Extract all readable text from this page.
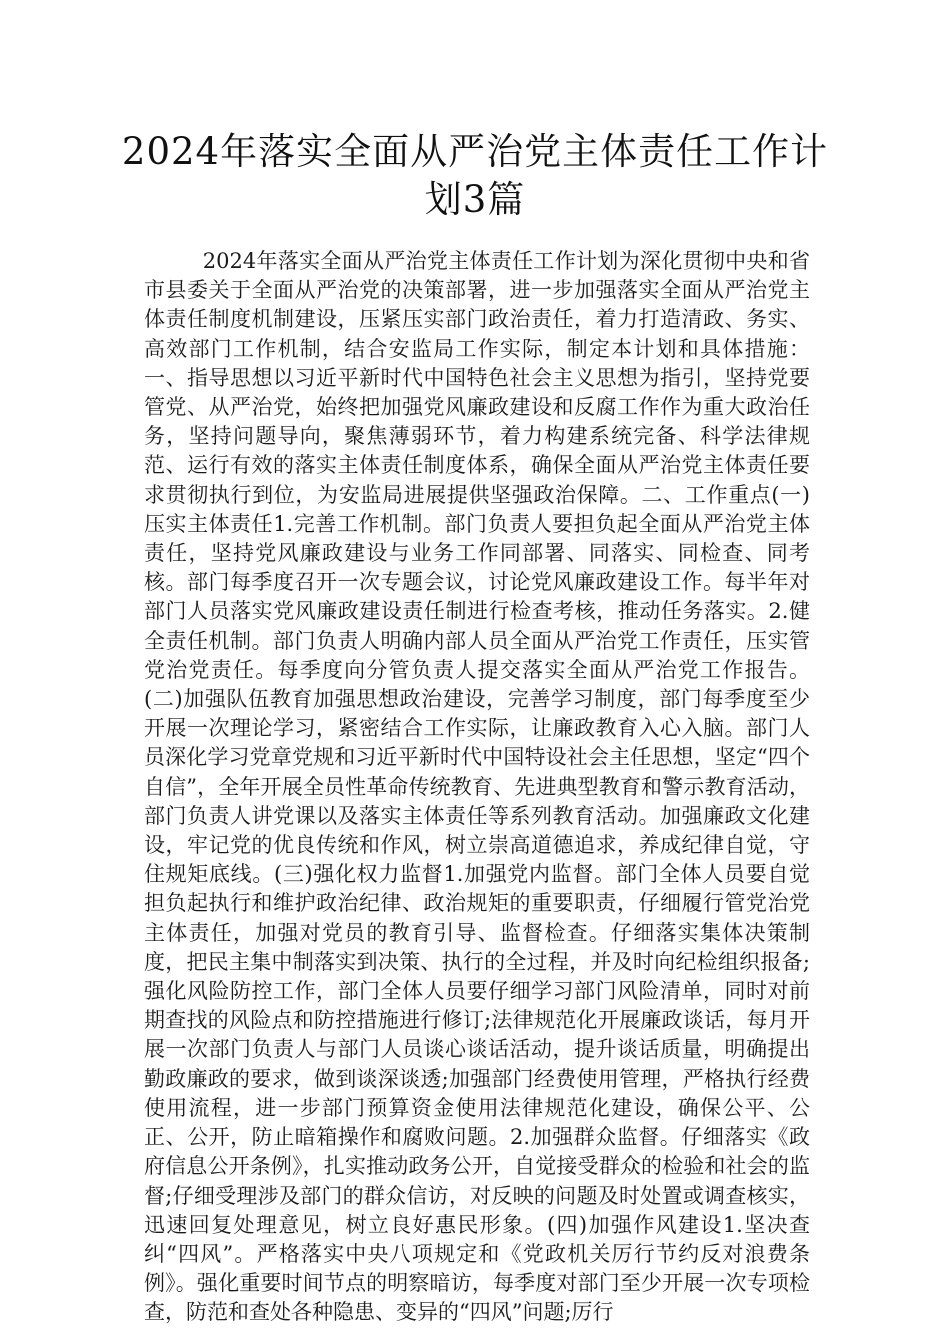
2024年落实全面从严治党主体责任工作计划3篇

2024年落实全面从严治党主体责任工作计划为深化贯彻中央和省市县委关于全面从严治党的决策部署，进一步加强落实全面从严治党主体责任制度机制建设，压紧压实部门政治责任，着力打造清政、务实、高效部门工作机制，结合安监局工作实际，制定本计划和具体措施：一、指导思想以习近平新时代中国特色社会主义思想为指引，坚持党要管党、从严治党，始终把加强党风廉政建设和反腐工作作为重大政治任务，坚持问题导向，聚焦薄弱环节，着力构建系统完备、科学法律规范、运行有效的落实主体责任制度体系，确保全面从严治党主体责任要求贯彻执行到位，为安监局进展提供坚强政治保障。二、工作重点(一)压实主体责任1.完善工作机制。部门负责人要担负起全面从严治党主体责任，坚持党风廉政建设与业务工作同部署、同落实、同检查、同考核。部门每季度召开一次专题会议，讨论党风廉政建设工作。每半年对部门人员落实党风廉政建设责任制进行检查考核，推动任务落实。2.健全责任机制。部门负责人明确内部人员全面从严治党工作责任，压实管党治党责任。每季度向分管负责人提交落实全面从严治党工作报告。(二)加强队伍教育加强思想政治建设，完善学习制度，部门每季度至少开展一次理论学习，紧密结合工作实际，让廉政教育入心入脑。部门人员深化学习党章党规和习近平新时代中国特设社会主任思想，坚定“四个自信”，全年开展全员性革命传统教育、先进典型教育和警示教育活动，部门负责人讲党课以及落实主体责任等系列教育活动。加强廉政文化建设，牢记党的优良传统和作风，树立崇高道德追求，养成纪律自觉，守住规矩底线。(三)强化权力监督1.加强党内监督。部门全体人员要自觉担负起执行和维护政治纪律、政治规矩的重要职责，仔细履行管党治党主体责任，加强对党员的教育引导、监督检查。仔细落实集体决策制度，把民主集中制落实到决策、执行的全过程，并及时向纪检组织报备;强化风险防控工作，部门全体人员要仔细学习部门风险清单，同时对前期查找的风险点和防控措施进行修订;法律规范化开展廉政谈话，每月开展一次部门负责人与部门人员谈心谈话活动，提升谈话质量，明确提出勤政廉政的要求，做到谈深谈透;加强部门经费使用管理，严格执行经费使用流程，进一步部门预算资金使用法律规范化建设，确保公平、公正、公开，防止暗箱操作和腐败问题。2.加强群众监督。仔细落实《政府信息公开条例》，扎实推动政务公开，自觉接受群众的检验和社会的监督;仔细受理涉及部门的群众信访，对反映的问题及时处置或调查核实，迅速回复处理意见，树立良好惠民形象。(四)加强作风建设1.坚决查纠“四风”。严格落实中央八项规定和《党政机关厉行节约反对浪费条例》。强化重要时间节点的明察暗访，每季度对部门至少开展一次专项检查，防范和查处各种隐患、变异的“四风”问题;厉行
